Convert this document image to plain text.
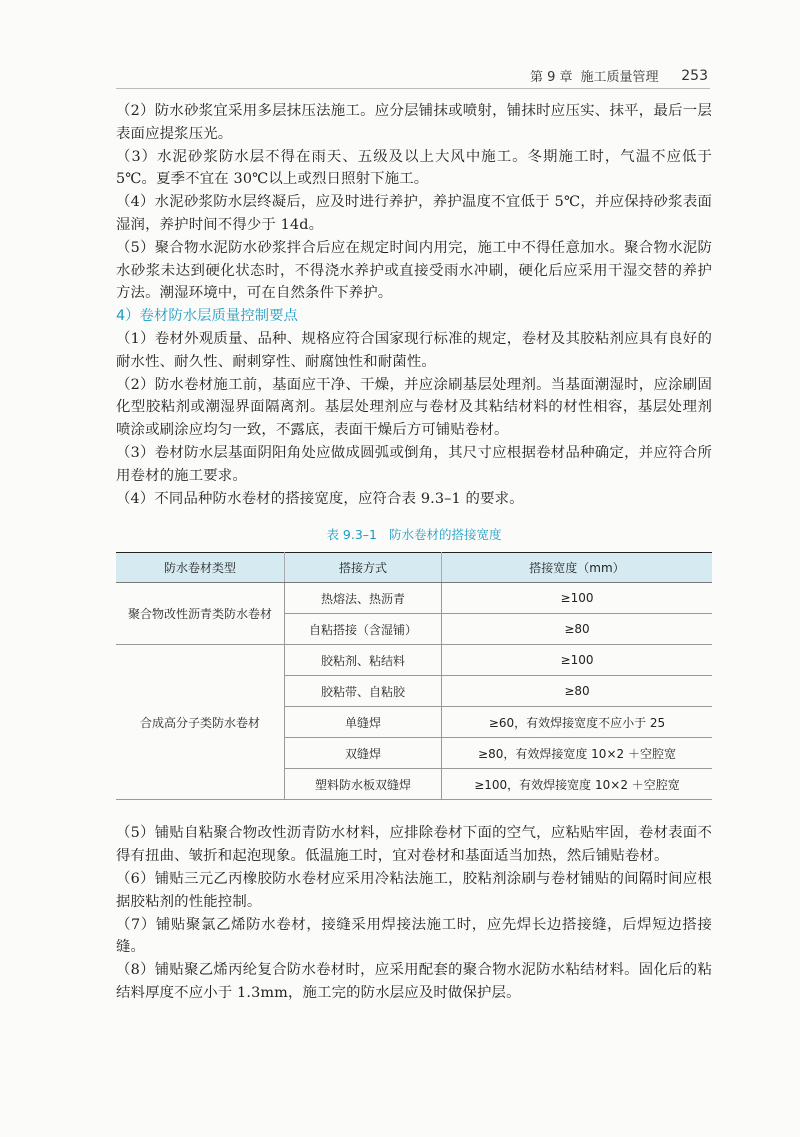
第 9 章 施工质量管理	253

（2）防水砂浆宜采用多层抹压法施工。应分层铺抹或喷射，铺抹时应压实、抹平，最后一层表面应提浆压光。

（3）水泥砂浆防水层不得在雨天、五级及以上大风中施工。冬期施工时，气温不应低于 5℃。夏季不宜在 30℃以上或烈日照射下施工。

（4）水泥砂浆防水层终凝后，应及时进行养护，养护温度不宜低于 5℃，并应保持砂浆表面湿润，养护时间不得少于 14d。

（5）聚合物水泥防水砂浆拌合后应在规定时间内用完，施工中不得任意加水。聚合物水泥防水砂浆未达到硬化状态时，不得浇水养护或直接受雨水冲刷，硬化后应采用干湿交替的养护方法。潮湿环境中，可在自然条件下养护。

4）卷材防水层质量控制要点

（1）卷材外观质量、品种、规格应符合国家现行标准的规定，卷材及其胶粘剂应具有良好的耐水性、耐久性、耐刺穿性、耐腐蚀性和耐菌性。

（2）防水卷材施工前，基面应干净、干燥，并应涂刷基层处理剂。当基面潮湿时，应涂刷固化型胶粘剂或潮湿界面隔离剂。基层处理剂应与卷材及其粘结材料的材性相容，基层处理剂喷涂或刷涂应均匀一致，不露底，表面干燥后方可铺贴卷材。

（3）卷材防水层基面阴阳角处应做成圆弧或倒角，其尺寸应根据卷材品种确定，并应符合所用卷材的施工要求。

（4）不同品种防水卷材的搭接宽度，应符合表 9.3–1 的要求。

表 9.3–1 防水卷材的搭接宽度
防水卷材类型	搭接方式	搭接宽度（mm）
聚合物改性沥青类防水卷材	热熔法、热沥青	≥100
	自粘搭接（含湿铺）	≥80
合成高分子类防水卷材	胶粘剂、粘结料	≥100
	胶粘带、自粘胶	≥80
	单缝焊	≥60，有效焊接宽度不应小于 25
	双缝焊	≥80，有效焊接宽度 10×2 ＋空腔宽
	塑料防水板双缝焊	≥100，有效焊接宽度 10×2 ＋空腔宽

（5）铺贴自粘聚合物改性沥青防水材料，应排除卷材下面的空气，应粘贴牢固，卷材表面不得有扭曲、皱折和起泡现象。低温施工时，宜对卷材和基面适当加热，然后铺贴卷材。

（6）铺贴三元乙丙橡胶防水卷材应采用冷粘法施工，胶粘剂涂刷与卷材铺贴的间隔时间应根据胶粘剂的性能控制。

（7）铺贴聚氯乙烯防水卷材，接缝采用焊接法施工时，应先焊长边搭接缝，后焊短边搭接缝。

（8）铺贴聚乙烯丙纶复合防水卷材时，应采用配套的聚合物水泥防水粘结材料。固化后的粘结料厚度不应小于 1.3mm，施工完的防水层应及时做保护层。
